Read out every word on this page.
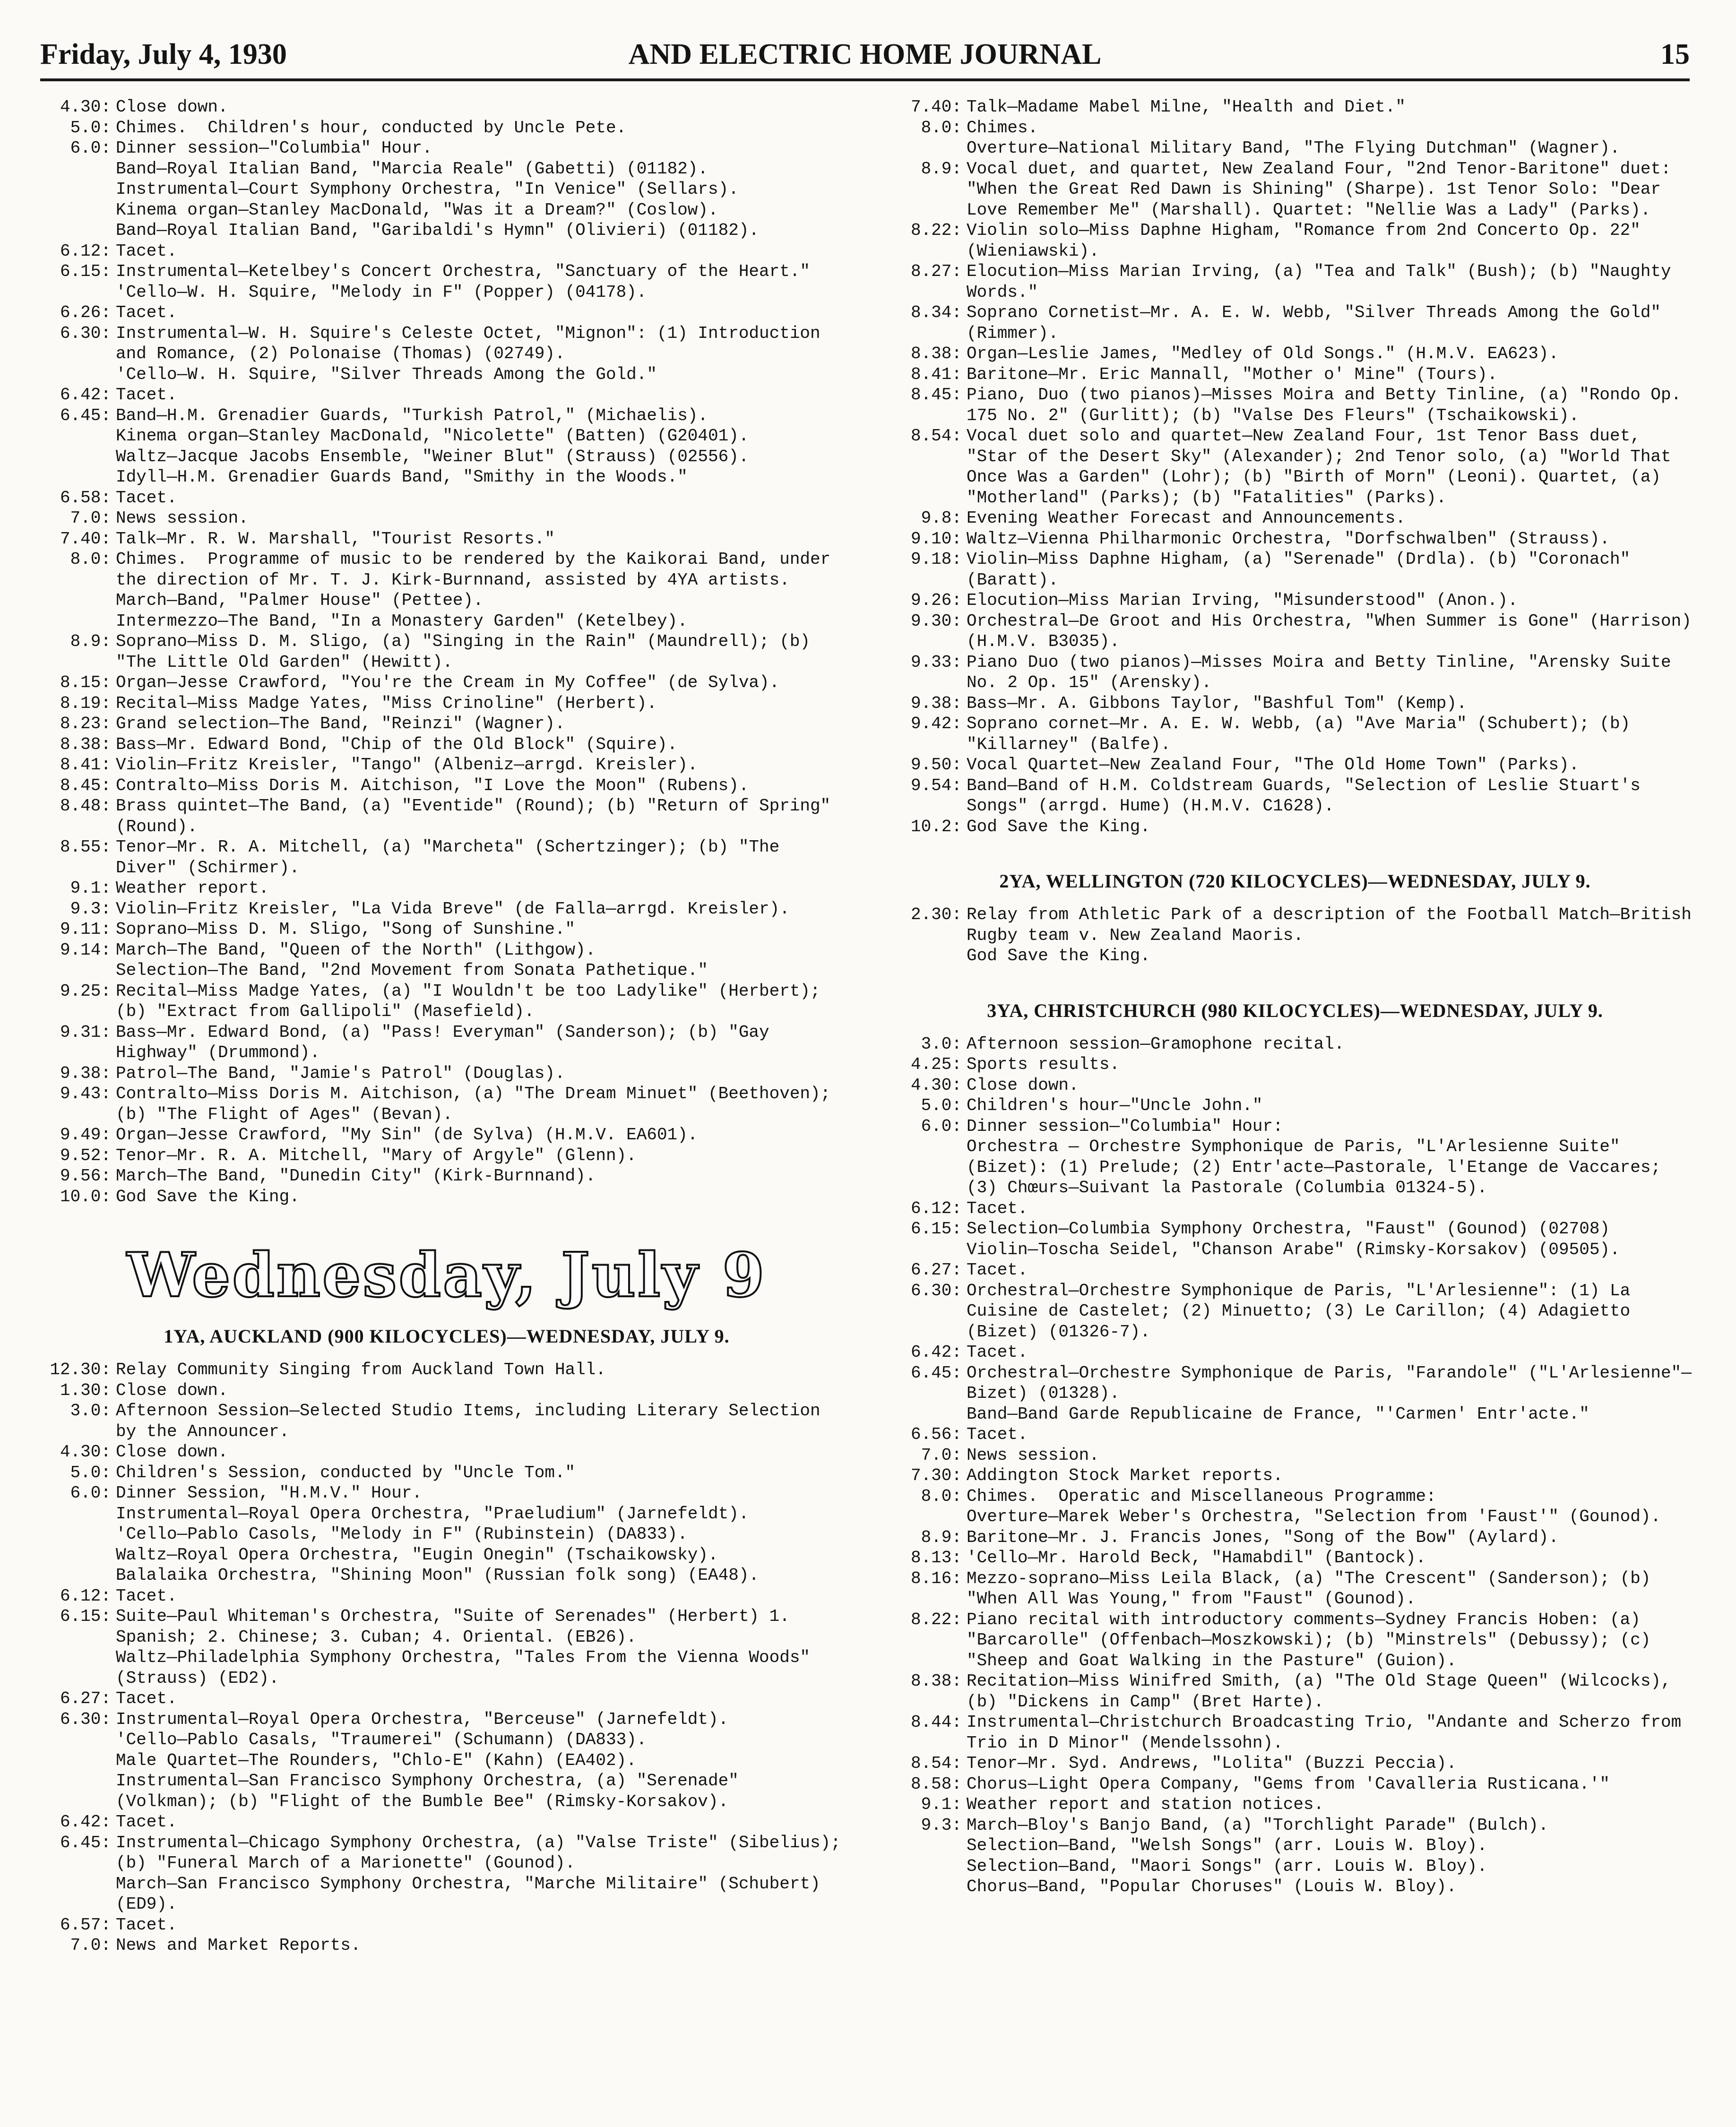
Friday, July 4, 1930	AND ELECTRIC HOME JOURNAL	15
4.30 : Close down.
5.0 : Chimes.  Children's hour, conducted by Uncle Pete.
6.0 : Dinner session—"Columbia" Hour.
Band—Royal Italian Band, "Marcia Reale" (Gabetti) (01182).
Instrumental—Court Symphony Orchestra, "In Venice" (Sellars).
Kinema organ—Stanley MacDonald, "Was it a Dream?" (Coslow).
Band—Royal Italian Band, "Garibaldi's Hymn" (Olivieri) (01182).
6.12 : Tacet.
6.15 : Instrumental—Ketelbey's Concert Orchestra, "Sanctuary of the Heart."
'Cello—W. H. Squire, "Melody in F" (Popper) (04178).
6.26 : Tacet.
6.30 : Instrumental—W. H. Squire's Celeste Octet, "Mignon": (1) Introduction and Romance, (2) Polonaise (Thomas) (02749).
'Cello—W. H. Squire, "Silver Threads Among the Gold."
6.42 : Tacet.
6.45 : Band—H.M. Grenadier Guards, "Turkish Patrol," (Michaelis).
Kinema organ—Stanley MacDonald, "Nicolette" (Batten) (G20401).
Waltz—Jacque Jacobs Ensemble, "Weiner Blut" (Strauss) (02556).
Idyll—H.M. Grenadier Guards Band, "Smithy in the Woods."
6.58 : Tacet.
7.0 : News session.
7.40 : Talk—Mr. R. W. Marshall, "Tourist Resorts."
8.0 : Chimes.  Programme of music to be rendered by the Kaikorai Band, under the direction of Mr. T. J. Kirk-Burnnand, assisted by 4YA artists.
March—Band, "Palmer House" (Pettee).
Intermezzo—The Band, "In a Monastery Garden" (Ketelbey).
8.9 : Soprano—Miss D. M. Sligo, (a) "Singing in the Rain" (Maundrell); (b) "The Little Old Garden" (Hewitt).
8.15 : Organ—Jesse Crawford, "You're the Cream in My Coffee" (de Sylva).
8.19 : Recital—Miss Madge Yates, "Miss Crinoline" (Herbert).
8.23 : Grand selection—The Band, "Reinzi" (Wagner).
8.38 : Bass—Mr. Edward Bond, "Chip of the Old Block" (Squire).
8.41 : Violin—Fritz Kreisler, "Tango" (Albeniz—arrgd. Kreisler).
8.45 : Contralto—Miss Doris M. Aitchison, "I Love the Moon" (Rubens).
8.48 : Brass quintet—The Band, (a) "Eventide" (Round); (b) "Return of Spring" (Round).
8.55 : Tenor—Mr. R. A. Mitchell, (a) "Marcheta" (Schertzinger); (b) "The Diver" (Schirmer).
9.1 : Weather report.
9.3 : Violin—Fritz Kreisler, "La Vida Breve" (de Falla—arrgd. Kreisler).
9.11 : Soprano—Miss D. M. Sligo, "Song of Sunshine."
9.14 : March—The Band, "Queen of the North" (Lithgow).
Selection—The Band, "2nd Movement from Sonata Pathetique."
9.25 : Recital—Miss Madge Yates, (a) "I Wouldn't be too Ladylike" (Herbert); (b) "Extract from Gallipoli" (Masefield).
9.31 : Bass—Mr. Edward Bond, (a) "Pass! Everyman" (Sanderson); (b) "Gay Highway" (Drummond).
9.38 : Patrol—The Band, "Jamie's Patrol" (Douglas).
9.43 : Contralto—Miss Doris M. Aitchison, (a) "The Dream Minuet" (Beethoven); (b) "The Flight of Ages" (Bevan).
9.49 : Organ—Jesse Crawford, "My Sin" (de Sylva) (H.M.V. EA601).
9.52 : Tenor—Mr. R. A. Mitchell, "Mary of Argyle" (Glenn).
9.56 : March—The Band, "Dunedin City" (Kirk-Burnnand).
10.0 : God Save the King.
Wednesday, July 9
1YA, AUCKLAND (900 KILOCYCLES)—WEDNESDAY, JULY 9.
12.30 : Relay Community Singing from Auckland Town Hall.
1.30 : Close down.
3.0 : Afternoon Session—Selected Studio Items, including Literary Selection by the Announcer.
4.30 : Close down.
5.0 : Children's Session, conducted by "Uncle Tom."
6.0 : Dinner Session, "H.M.V." Hour.
Instrumental—Royal Opera Orchestra, "Praeludium" (Jarnefeldt).
'Cello—Pablo Casols, "Melody in F" (Rubinstein) (DA833).
Waltz—Royal Opera Orchestra, "Eugin Onegin" (Tschaikowsky).
Balalaika Orchestra, "Shining Moon" (Russian folk song) (EA48).
6.12 : Tacet.
6.15 : Suite—Paul Whiteman's Orchestra, "Suite of Serenades" (Herbert) 1. Spanish; 2. Chinese; 3. Cuban; 4. Oriental. (EB26).
Waltz—Philadelphia Symphony Orchestra, "Tales From the Vienna Woods" (Strauss) (ED2).
6.27 : Tacet.
6.30 : Instrumental—Royal Opera Orchestra, "Berceuse" (Jarnefeldt).
'Cello—Pablo Casals, "Traumerei" (Schumann) (DA833).
Male Quartet—The Rounders, "Chlo-E" (Kahn) (EA402).
Instrumental—San Francisco Symphony Orchestra, (a) "Serenade" (Volkman); (b) "Flight of the Bumble Bee" (Rimsky-Korsakov).
6.42 : Tacet.
6.45 : Instrumental—Chicago Symphony Orchestra, (a) "Valse Triste" (Sibelius); (b) "Funeral March of a Marionette" (Gounod).
March—San Francisco Symphony Orchestra, "Marche Militaire" (Schubert) (ED9).
6.57 : Tacet.
7.0 : News and Market Reports.
7.40 : Talk—Madame Mabel Milne, "Health and Diet."
8.0 : Chimes.
Overture—National Military Band, "The Flying Dutchman" (Wagner).
8.9 : Vocal duet, and quartet, New Zealand Four, "2nd Tenor-Baritone" duet: "When the Great Red Dawn is Shining" (Sharpe). 1st Tenor Solo: "Dear Love Remember Me" (Marshall). Quartet: "Nellie Was a Lady" (Parks).
8.22 : Violin solo—Miss Daphne Higham, "Romance from 2nd Concerto Op. 22" (Wieniawski).
8.27 : Elocution—Miss Marian Irving, (a) "Tea and Talk" (Bush); (b) "Naughty Words."
8.34 : Soprano Cornetist—Mr. A. E. W. Webb, "Silver Threads Among the Gold" (Rimmer).
8.38 : Organ—Leslie James, "Medley of Old Songs." (H.M.V. EA623).
8.41 : Baritone—Mr. Eric Mannall, "Mother o' Mine" (Tours).
8.45 : Piano, Duo (two pianos)—Misses Moira and Betty Tinline, (a) "Rondo Op. 175 No. 2" (Gurlitt); (b) "Valse Des Fleurs" (Tschaikowski).
8.54 : Vocal duet solo and quartet—New Zealand Four, 1st Tenor Bass duet, "Star of the Desert Sky" (Alexander); 2nd Tenor solo, (a) "World That Once Was a Garden" (Lohr); (b) "Birth of Morn" (Leoni). Quartet, (a) "Motherland" (Parks); (b) "Fatalities" (Parks).
9.8 : Evening Weather Forecast and Announcements.
9.10 : Waltz—Vienna Philharmonic Orchestra, "Dorfschwalben" (Strauss).
9.18 : Violin—Miss Daphne Higham, (a) "Serenade" (Drdla). (b) "Coronach" (Baratt).
9.26 : Elocution—Miss Marian Irving, "Misunderstood" (Anon.).
9.30 : Orchestral—De Groot and His Orchestra, "When Summer is Gone" (Harrison) (H.M.V. B3035).
9.33 : Piano Duo (two pianos)—Misses Moira and Betty Tinline, "Arensky Suite No. 2 Op. 15" (Arensky).
9.38 : Bass—Mr. A. Gibbons Taylor, "Bashful Tom" (Kemp).
9.42 : Soprano cornet—Mr. A. E. W. Webb, (a) "Ave Maria" (Schubert); (b) "Killarney" (Balfe).
9.50 : Vocal Quartet—New Zealand Four, "The Old Home Town" (Parks).
9.54 : Band—Band of H.M. Coldstream Guards, "Selection of Leslie Stuart's Songs" (arrgd. Hume) (H.M.V. C1628).
10.2 : God Save the King.
2YA, WELLINGTON (720 KILOCYCLES)—WEDNESDAY, JULY 9.
2.30 : Relay from Athletic Park of a description of the Football Match—British Rugby team v. New Zealand Maoris.
God Save the King.
3YA, CHRISTCHURCH (980 KILOCYCLES)—WEDNESDAY, JULY 9.
3.0 : Afternoon session—Gramophone recital.
4.25 : Sports results.
4.30 : Close down.
5.0 : Children's hour—"Uncle John."
6.0 : Dinner session—"Columbia" Hour:
Orchestra — Orchestre Symphonique de Paris, "L'Arlesienne Suite" (Bizet): (1) Prelude; (2) Entr'acte—Pastorale, l'Etange de Vaccares; (3) Chœurs—Suivant la Pastorale (Columbia 01324-5).
6.12 : Tacet.
6.15 : Selection—Columbia Symphony Orchestra, "Faust" (Gounod) (02708)
Violin—Toscha Seidel, "Chanson Arabe" (Rimsky-Korsakov) (09505).
6.27 : Tacet.
6.30 : Orchestral—Orchestre Symphonique de Paris, "L'Arlesienne": (1) La Cuisine de Castelet; (2) Minuetto; (3) Le Carillon; (4) Adagietto (Bizet) (01326-7).
6.42 : Tacet.
6.45 : Orchestral—Orchestre Symphonique de Paris, "Farandole" ("L'Arlesienne"—Bizet) (01328).
Band—Band Garde Republicaine de France, "'Carmen' Entr'acte."
6.56 : Tacet.
7.0 : News session.
7.30 : Addington Stock Market reports.
8.0 : Chimes.  Operatic and Miscellaneous Programme:
Overture—Marek Weber's Orchestra, "Selection from 'Faust'" (Gounod).
8.9 : Baritone—Mr. J. Francis Jones, "Song of the Bow" (Aylard).
8.13 : 'Cello—Mr. Harold Beck, "Hamabdil" (Bantock).
8.16 : Mezzo-soprano—Miss Leila Black, (a) "The Crescent" (Sanderson); (b) "When All Was Young," from "Faust" (Gounod).
8.22 : Piano recital with introductory comments—Sydney Francis Hoben: (a) "Barcarolle" (Offenbach—Moszkowski); (b) "Minstrels" (Debussy); (c) "Sheep and Goat Walking in the Pasture" (Guion).
8.38 : Recitation—Miss Winifred Smith, (a) "The Old Stage Queen" (Wilcocks), (b) "Dickens in Camp" (Bret Harte).
8.44 : Instrumental—Christchurch Broadcasting Trio, "Andante and Scherzo from Trio in D Minor" (Mendelssohn).
8.54 : Tenor—Mr. Syd. Andrews, "Lolita" (Buzzi Peccia).
8.58 : Chorus—Light Opera Company, "Gems from 'Cavalleria Rusticana.'"
9.1 : Weather report and station notices.
9.3 : March—Bloy's Banjo Band, (a) "Torchlight Parade" (Bulch).
Selection—Band, "Welsh Songs" (arr. Louis W. Bloy).
Selection—Band, "Maori Songs" (arr. Louis W. Bloy).
Chorus—Band, "Popular Choruses" (Louis W. Bloy).
